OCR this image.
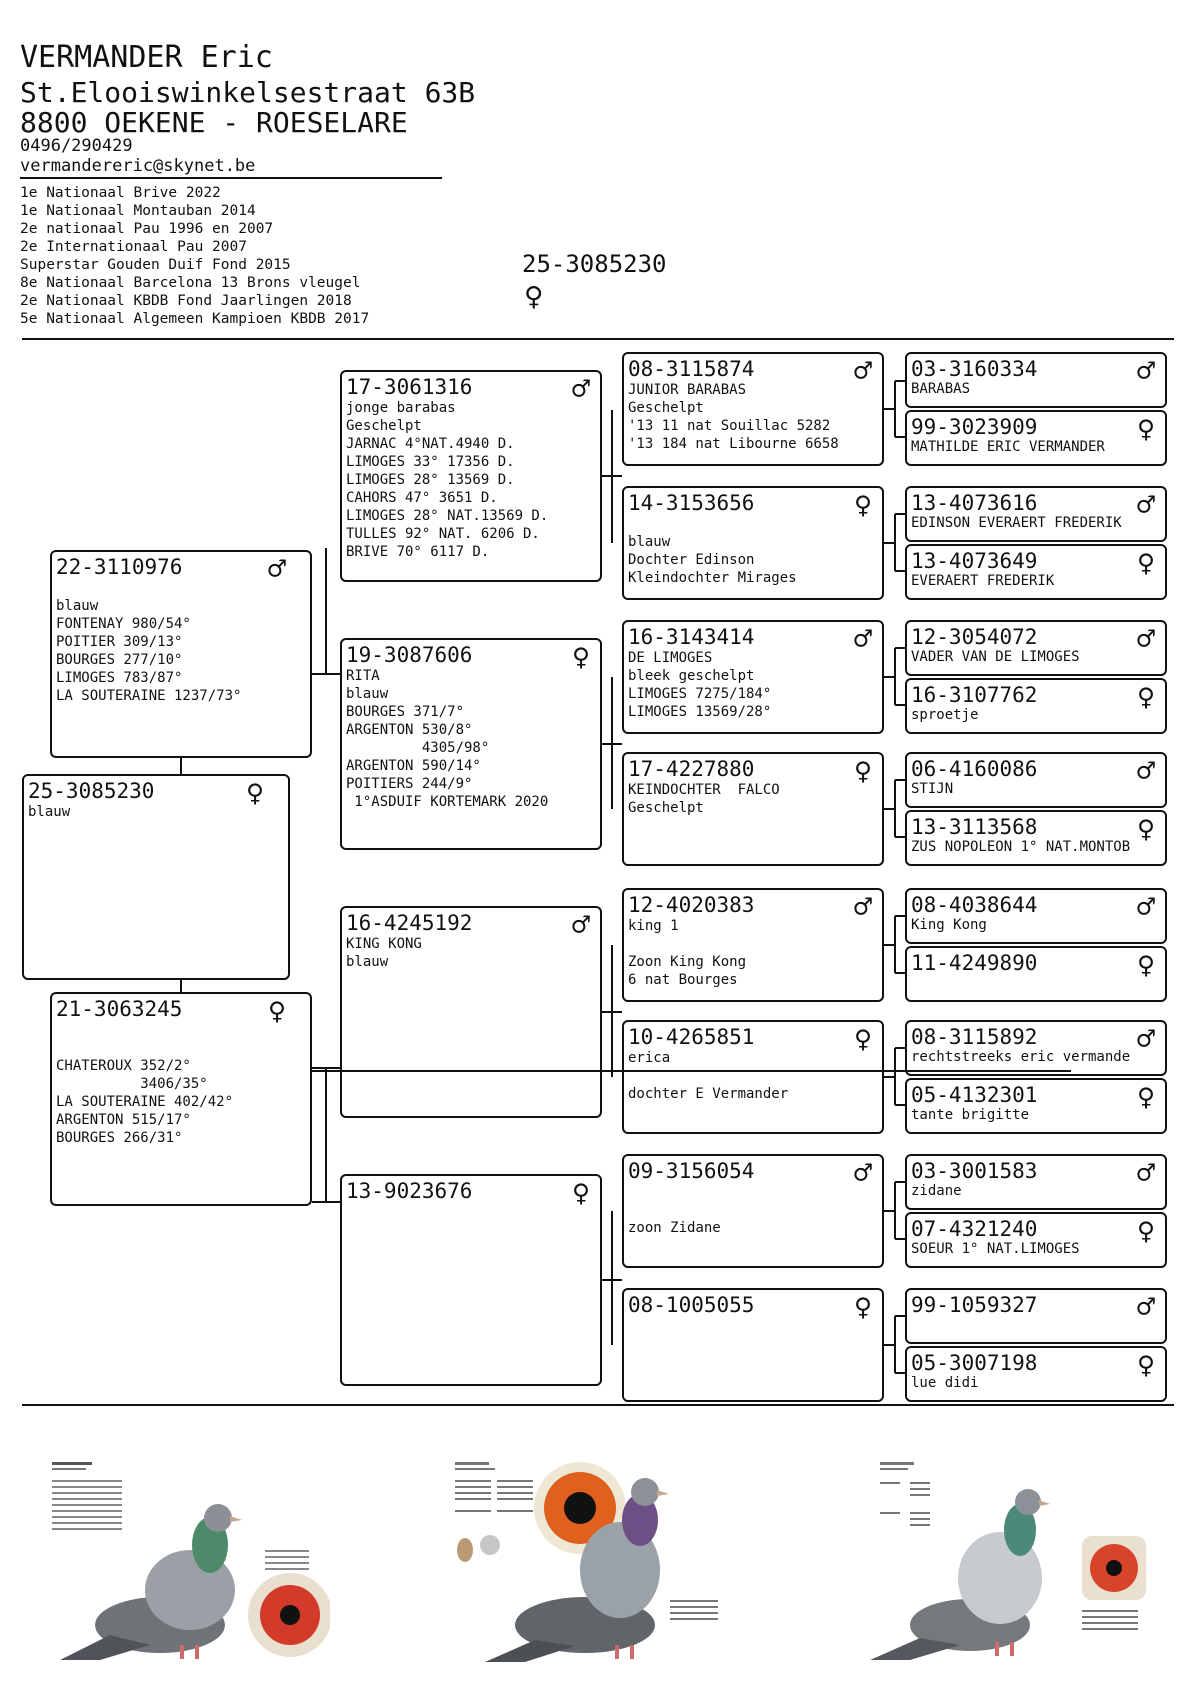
VERMANDER Eric
St.Elooiswinkelsestraat 63B
8800 OEKENE - ROESELARE
0496/290429
vermandereric@skynet.be
1e Nationaal Brive 2022
1e Nationaal Montauban 2014
2e nationaal Pau 1996 en 2007
2e Internationaal Pau 2007
Superstar Gouden Duif Fond 2015
8e Nationaal Barcelona 13 Brons vleugel
2e Nationaal KBDB Fond Jaarlingen 2018
5e Nationaal Algemeen Kampioen KBDB 2017
25-3085230
♀
25-3085230	♀
blauw
22-3110976	♂
blauw
FONTENAY 980/54°
POITIER 309/13°
BOURGES 277/10°
LIMOGES 783/87°
LA SOUTERAINE 1237/73°
21-3063245	♀
CHATEROUX 352/2°
3406/35°
LA SOUTERAINE 402/42°
ARGENTON 515/17°
BOURGES 266/31°
17-3061316	♂
jonge barabas
Geschelpt
JARNAC 4°NAT.4940 D.
LIMOGES 33° 17356 D.
LIMOGES 28° 13569 D.
CAHORS 47° 3651 D.
LIMOGES 28° NAT.13569 D.
TULLES 92° NAT. 6206 D.
BRIVE 70° 6117 D.
19-3087606	♀
RITA
blauw
BOURGES 371/7°
ARGENTON 530/8°
4305/98°
ARGENTON 590/14°
POITIERS 244/9°
1°ASDUIF KORTEMARK 2020
16-4245192	♂
KING KONG
blauw
13-9023676	♀
08-3115874	♂
JUNIOR BARABAS
Geschelpt
'13 11 nat Souillac 5282
'13 184 nat Libourne 6658
14-3153656	♀
blauw
Dochter Edinson
Kleindochter Mirages
16-3143414	♂
DE LIMOGES
bleek geschelpt
LIMOGES 7275/184°
LIMOGES 13569/28°
17-4227880	♀
KEINDOCHTER  FALCO
Geschelpt
12-4020383	♂
king 1
Zoon King Kong
6 nat Bourges
10-4265851	♀
erica
dochter E Vermander
09-3156054	♂
zoon Zidane
08-1005055	♀
03-3160334	♂
BARABAS
99-3023909	♀
MATHILDE ERIC VERMANDER
13-4073616	♂
EDINSON EVERAERT FREDERIK
13-4073649	♀
EVERAERT FREDERIK
12-3054072	♂
VADER VAN DE LIMOGES
16-3107762	♀
sproetje
06-4160086	♂
STIJN
13-3113568	♀
ZUS NOPOLEON 1° NAT.MONTOB
08-4038644	♂
King Kong
11-4249890	♀
08-3115892	♂
rechtstreeks eric vermande
05-4132301	♀
tante brigitte
03-3001583	♂
zidane
07-4321240	♀
SOEUR 1° NAT.LIMOGES
99-1059327	♂
05-3007198	♀
lue didi
